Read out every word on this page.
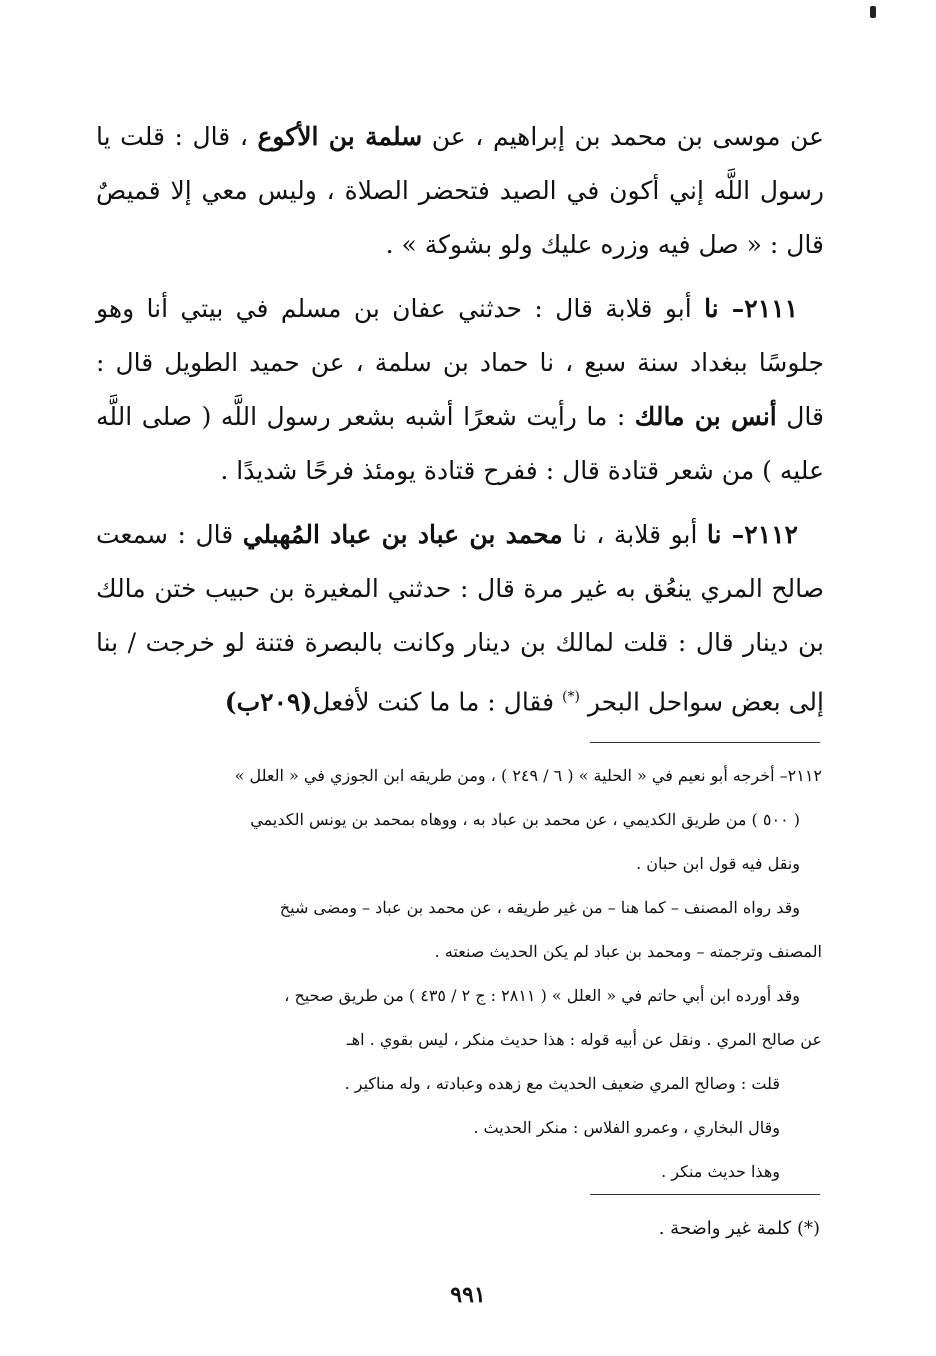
عن موسى بن محمد بن إبراهيم ، عن سلمة بن الأكوع ، قال : قلت يا رسول اللَّه إني أكون في الصيد فتحضر الصلاة ، وليس معي إلا قميصٌ قال : « صل فيه وزره عليك ولو بشوكة » .

٢١١١– نا أبو قلابة قال : حدثني عفان بن مسلم في بيتي أنا وهو جلوسًا ببغداد سنة سبع ، نا حماد بن سلمة ، عن حميد الطويل قال : قال أنس بن مالك : ما رأيت شعرًا أشبه بشعر رسول اللَّه ( صلى اللَّه عليه ) من شعر قتادة قال : ففرح قتادة يومئذ فرحًا شديدًا .

٢١١٢– نا أبو قلابة ، نا محمد بن عباد بن عباد المُهبلي قال : سمعت صالح المري ينعُق به غير مرة قال : حدثني المغيرة بن حبيب ختن مالك بن دينار قال : قلت لمالك بن دينار وكانت بالبصرة فتنة لو خرجت / بنا إلى بعض سواحل البحر (*) فقال : ما ما كنت لأفعل(٢٠٩ب)

٢١١٢– أخرجه أبو نعيم في « الحلية » ( ٦ / ٢٤٩ ) ، ومن طريقه ابن الجوزي في « العلل »
( ٥٠٠ ) من طريق الكديمي ، عن محمد بن عباد به ، ووهاه بمحمد بن يونس الكديمي
ونقل فيه قول ابن حبان .
وقد رواه المصنف – كما هنا – من غير طريقه ، عن محمد بن عباد – ومضى شيخ
المصنف وترجمته – ومحمد بن عباد لم يكن الحديث صنعته .
وقد أورده ابن أبي حاتم في « العلل » ( ٢٨١١ : ج ٢ / ٤٣٥ ) من طريق صحيح ،
عن صالح المري . ونقل عن أبيه قوله : هذا حديث منكر ، ليس بقوي . اهـ
قلت : وصالح المري ضعيف الحديث مع زهده وعبادته ، وله مناكير .
وقال البخاري ، وعمرو الفلاس : منكر الحديث .
وهذا حديث منكر .
(*) كلمة غير واضحة .
٩٩١
